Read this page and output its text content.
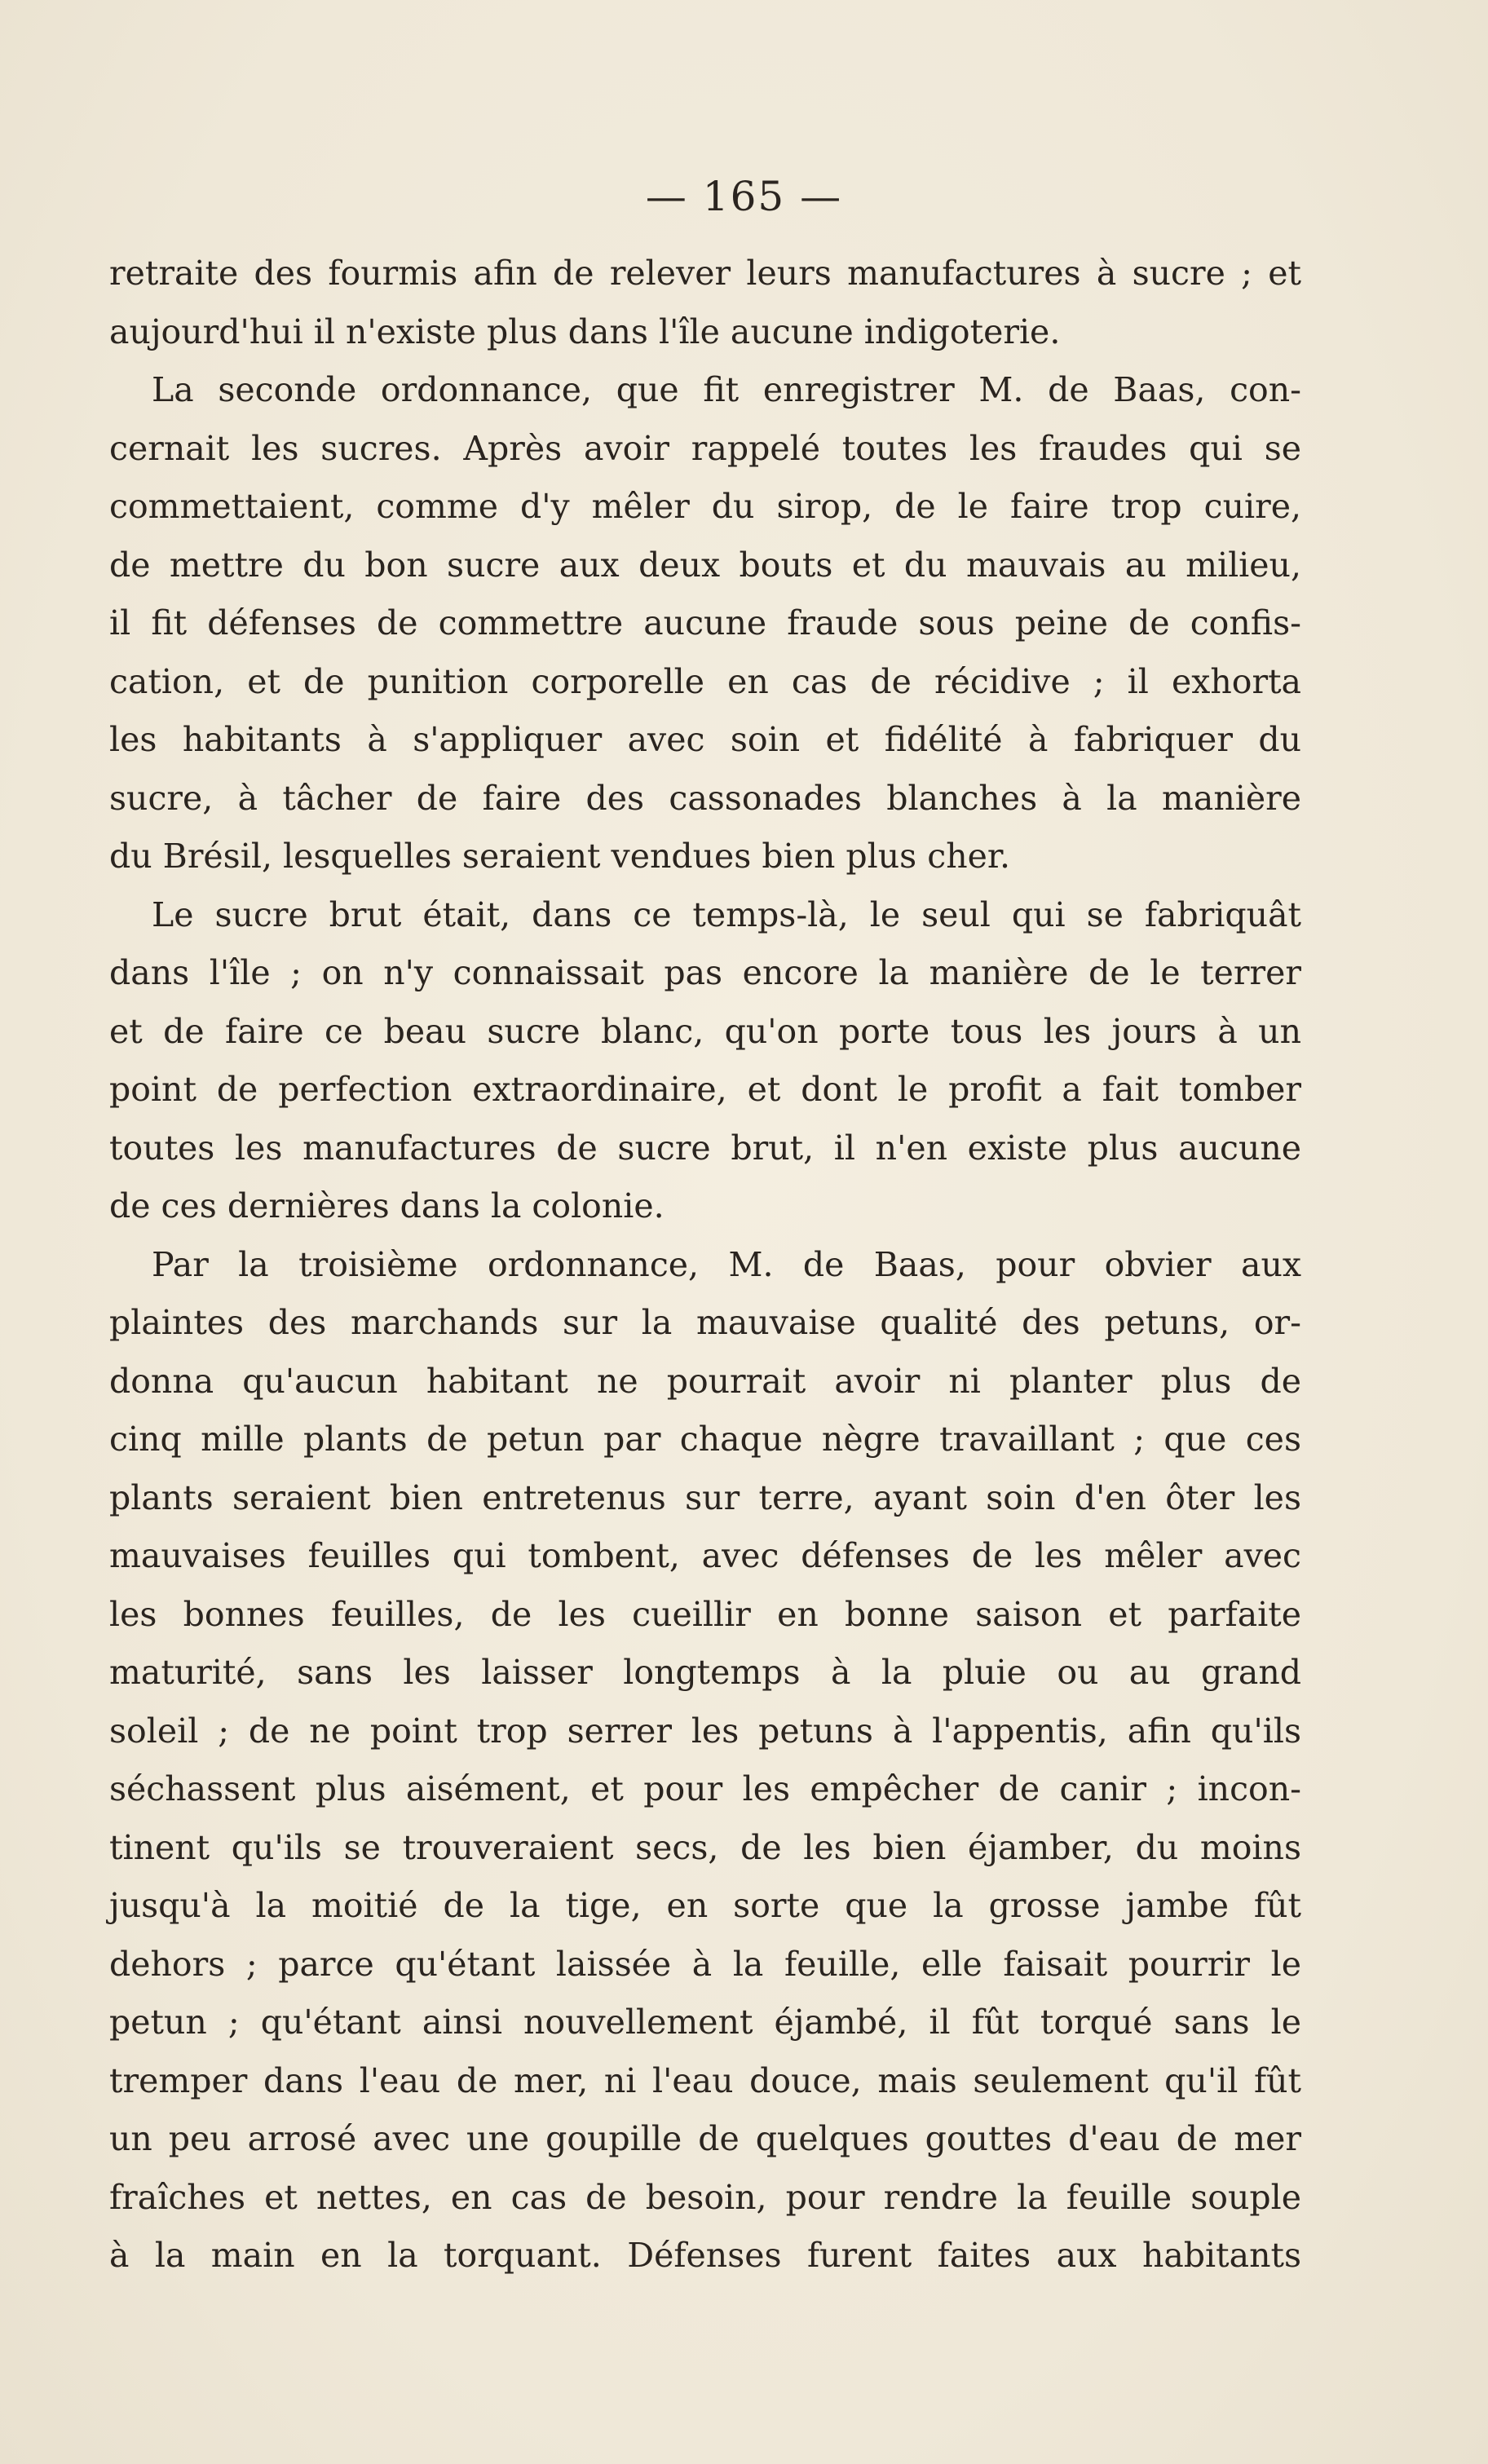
— 165 —
retraite des fourmis afin de relever leurs manufactures à sucre ; et
aujourd'hui il n'existe plus dans l'île aucune indigoterie.
La seconde ordonnance, que fit enregistrer M. de Baas, con-
cernait les sucres. Après avoir rappelé toutes les fraudes qui se
commettaient, comme d'y mêler du sirop, de le faire trop cuire,
de mettre du bon sucre aux deux bouts et du mauvais au milieu,
il fit défenses de commettre aucune fraude sous peine de confis-
cation, et de punition corporelle en cas de récidive ; il exhorta
les habitants à s'appliquer avec soin et fidélité à fabriquer du
sucre, à tâcher de faire des cassonades blanches à la manière
du Brésil, lesquelles seraient vendues bien plus cher.
Le sucre brut était, dans ce temps-là, le seul qui se fabriquât
dans l'île ; on n'y connaissait pas encore la manière de le terrer
et de faire ce beau sucre blanc, qu'on porte tous les jours à un
point de perfection extraordinaire, et dont le profit a fait tomber
toutes les manufactures de sucre brut, il n'en existe plus aucune
de ces dernières dans la colonie.
Par la troisième ordonnance, M. de Baas, pour obvier aux
plaintes des marchands sur la mauvaise qualité des petuns, or-
donna qu'aucun habitant ne pourrait avoir ni planter plus de
cinq mille plants de petun par chaque nègre travaillant ; que ces
plants seraient bien entretenus sur terre, ayant soin d'en ôter les
mauvaises feuilles qui tombent, avec défenses de les mêler avec
les bonnes feuilles, de les cueillir en bonne saison et parfaite
maturité, sans les laisser longtemps à la pluie ou au grand
soleil ; de ne point trop serrer les petuns à l'appentis, afin qu'ils
séchassent plus aisément, et pour les empêcher de canir ; incon-
tinent qu'ils se trouveraient secs, de les bien éjamber, du moins
jusqu'à la moitié de la tige, en sorte que la grosse jambe fût
dehors ; parce qu'étant laissée à la feuille, elle faisait pourrir le
petun ; qu'étant ainsi nouvellement éjambé, il fût torqué sans le
tremper dans l'eau de mer, ni l'eau douce, mais seulement qu'il fût
un peu arrosé avec une goupille de quelques gouttes d'eau de mer
fraîches et nettes, en cas de besoin, pour rendre la feuille souple
à la main en la torquant. Défenses furent faites aux habitants
